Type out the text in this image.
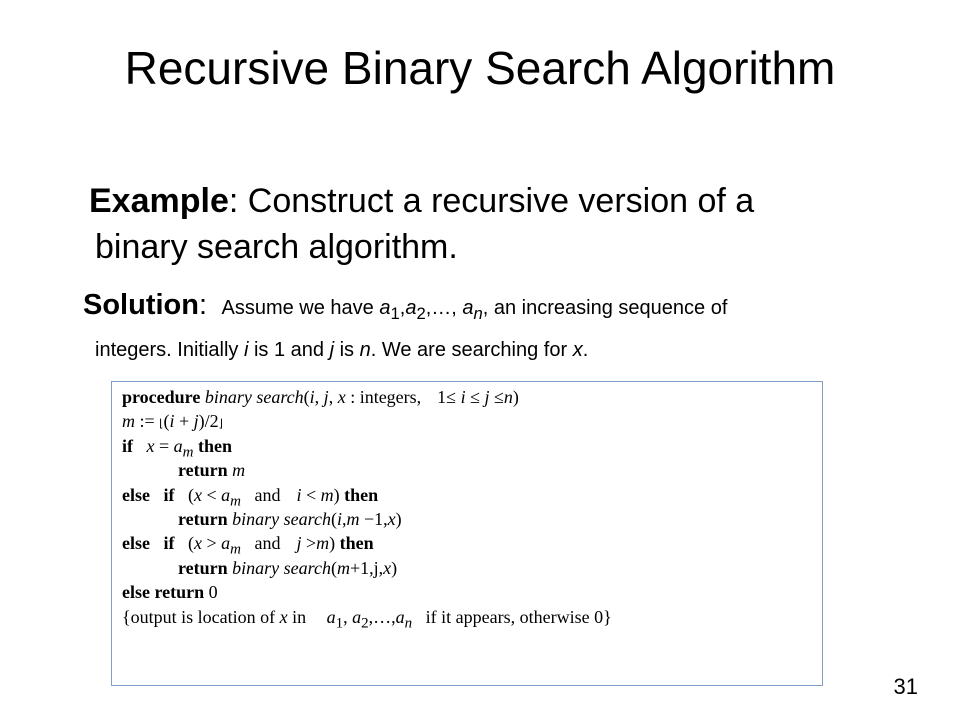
Recursive Binary Search Algorithm
Example: Construct a recursive version of a
binary search algorithm.
Solution: Assume we have $a_1,a_2,\dots$, $a_n$, an increasing sequence of
integers. Initially i is 1 and j is n. We are searching for x.
procedure binary search(i, j, x : integers, 1≤ i ≤ j ≤n)
m := ⌊(i + j)/2⌋
if $x = a_m$ then
return m
else if ($x < a_m$ and i < m) then
return binary search(i,m −1,x)
else if ($x > a_m$ and j >m) then
return binary search(m+1,j,x)
else return 0
{output is location of x in $a_1$, $a_2,\dots,a_n$ if it appears, otherwise 0}
31
